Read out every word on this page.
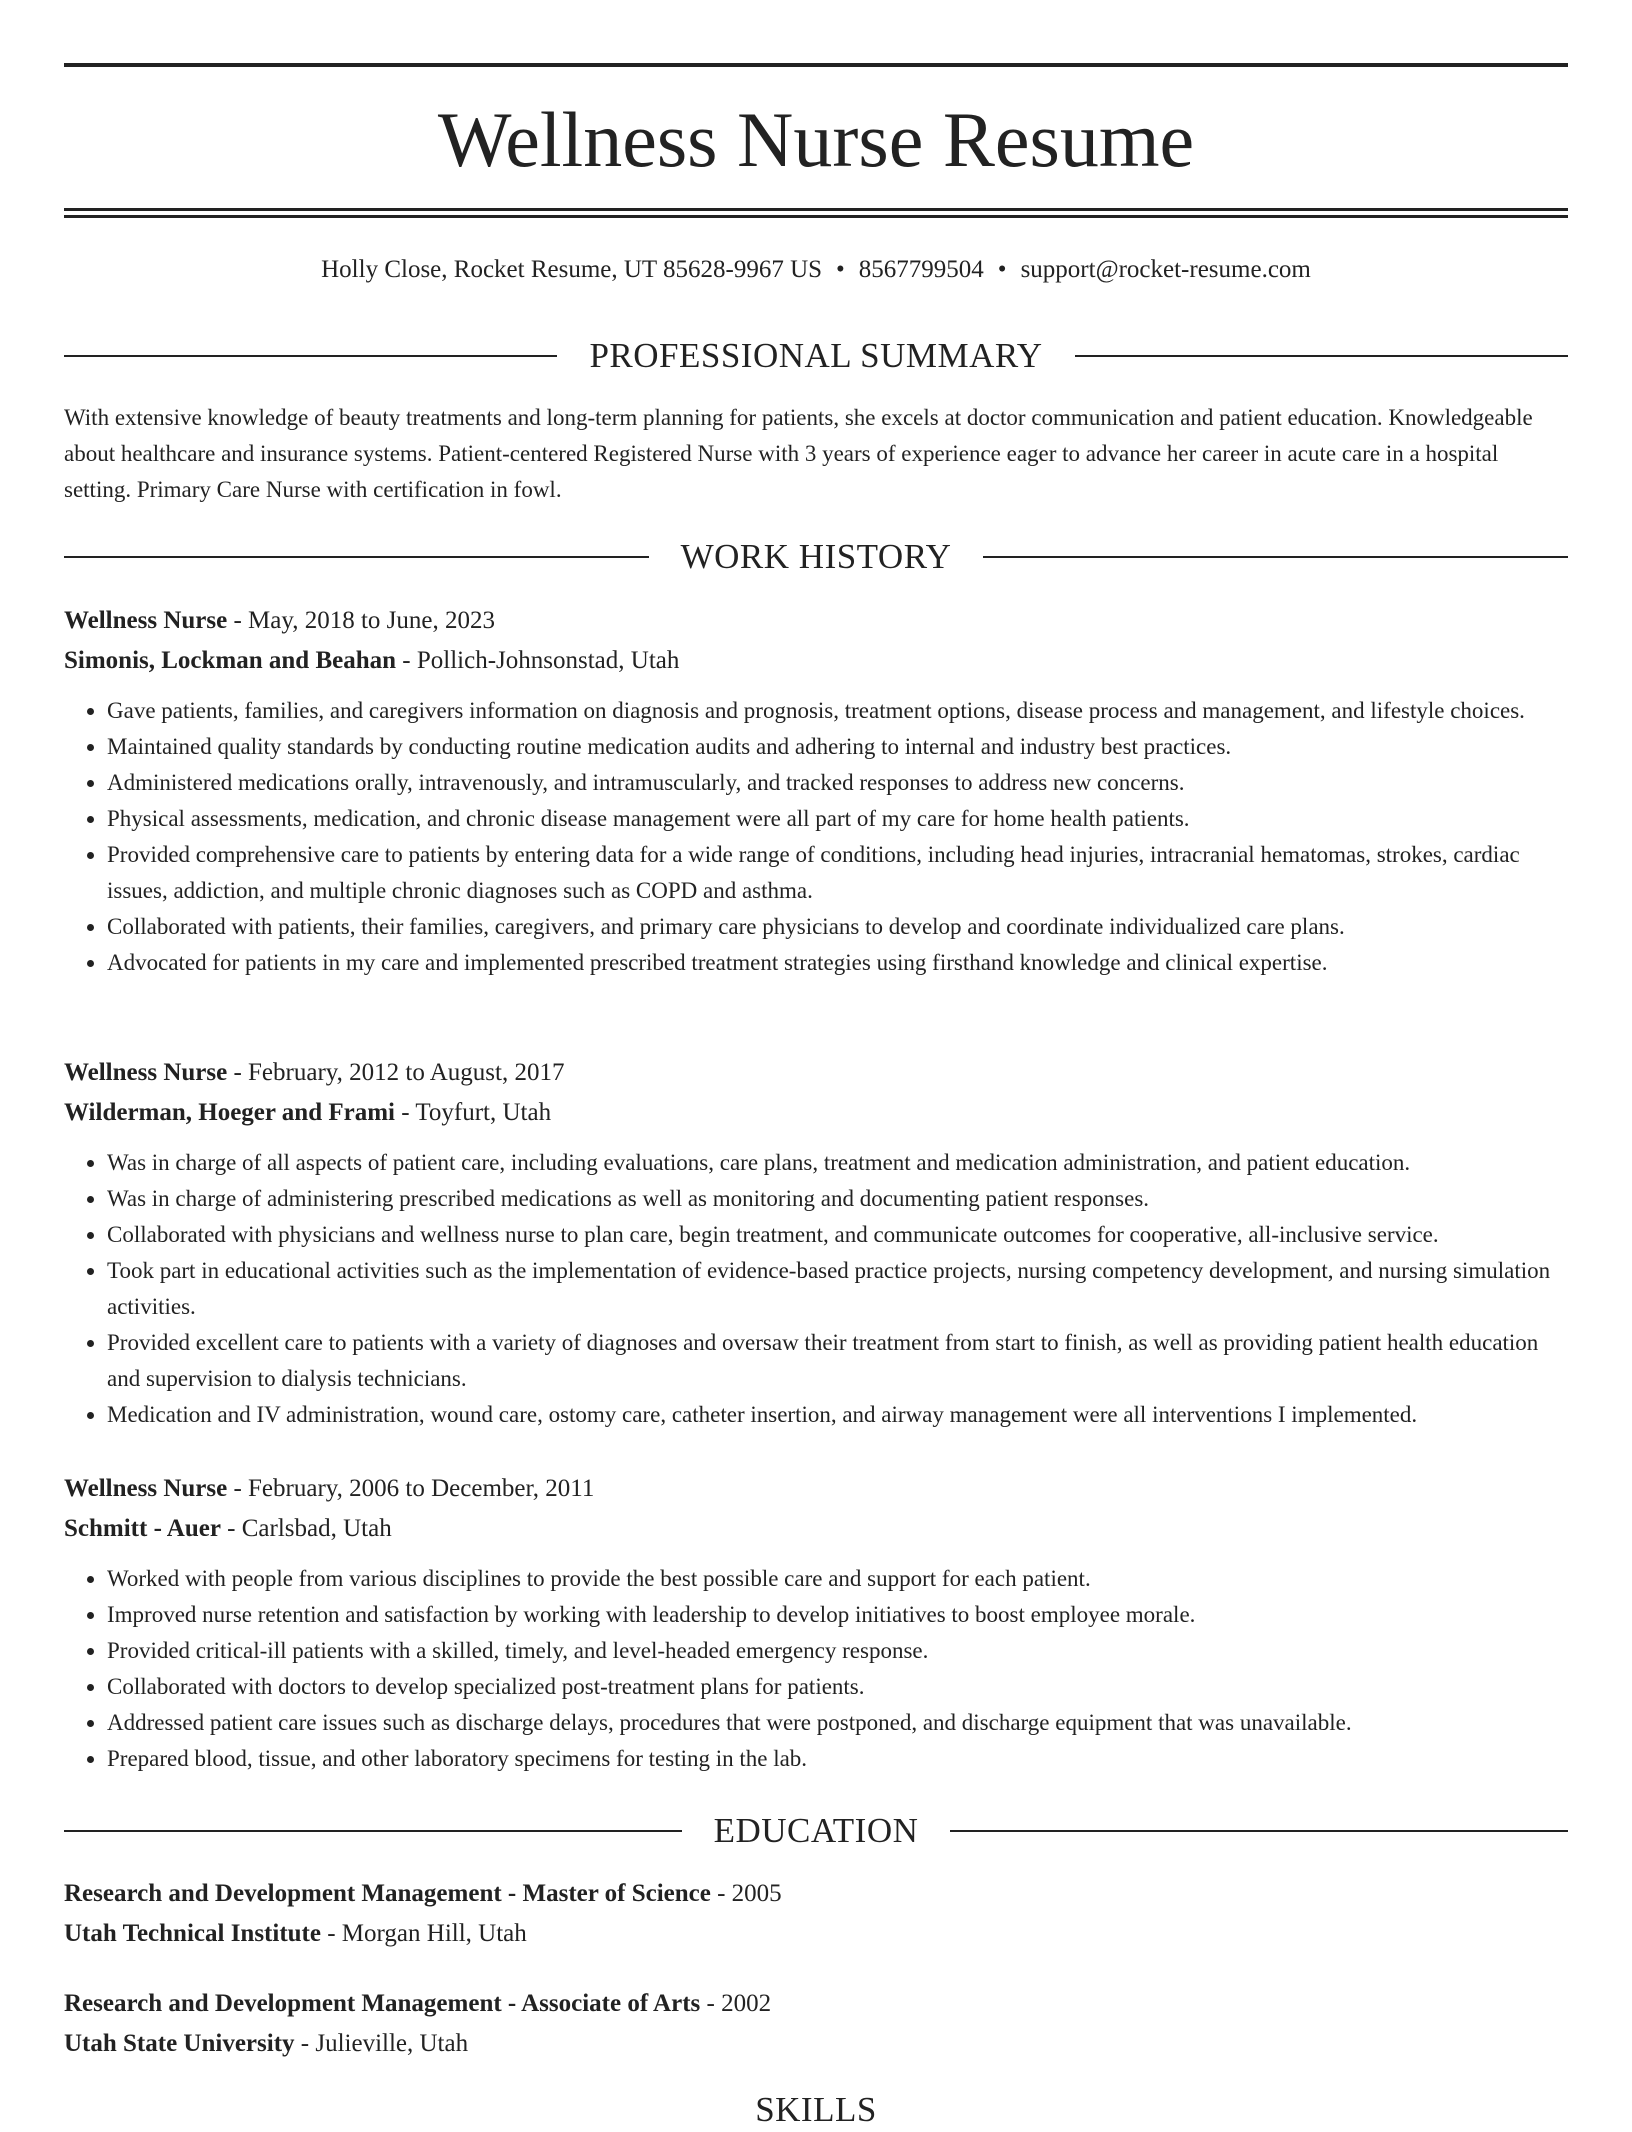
Wellness Nurse Resume
Holly Close, Rocket Resume, UT 85628-9967 US • 8567799504 • support@rocket-resume.com
PROFESSIONAL SUMMARY

With extensive knowledge of beauty treatments and long-term planning for patients, she excels at doctor communication and patient education. Knowledgeable about healthcare and insurance systems. Patient-centered Registered Nurse with 3 years of experience eager to advance her career in acute care in a hospital setting. Primary Care Nurse with certification in fowl.

WORK HISTORY
Wellness Nurse - May, 2018 to June, 2023
Simonis, Lockman and Beahan - Pollich-Johnsonstad, Utah
• Gave patients, families, and caregivers information on diagnosis and prognosis, treatment options, disease process and management, and lifestyle choices.
• Maintained quality standards by conducting routine medication audits and adhering to internal and industry best practices.
• Administered medications orally, intravenously, and intramuscularly, and tracked responses to address new concerns.
• Physical assessments, medication, and chronic disease management were all part of my care for home health patients.
• Provided comprehensive care to patients by entering data for a wide range of conditions, including head injuries, intracranial hematomas, strokes, cardiac issues, addiction, and multiple chronic diagnoses such as COPD and asthma.
• Collaborated with patients, their families, caregivers, and primary care physicians to develop and coordinate individualized care plans.
• Advocated for patients in my care and implemented prescribed treatment strategies using firsthand knowledge and clinical expertise.
Wellness Nurse - February, 2012 to August, 2017
Wilderman, Hoeger and Frami - Toyfurt, Utah
• Was in charge of all aspects of patient care, including evaluations, care plans, treatment and medication administration, and patient education.
• Was in charge of administering prescribed medications as well as monitoring and documenting patient responses.
• Collaborated with physicians and wellness nurse to plan care, begin treatment, and communicate outcomes for cooperative, all-inclusive service.
• Took part in educational activities such as the implementation of evidence-based practice projects, nursing competency development, and nursing simulation activities.
• Provided excellent care to patients with a variety of diagnoses and oversaw their treatment from start to finish, as well as providing patient health education and supervision to dialysis technicians.
• Medication and IV administration, wound care, ostomy care, catheter insertion, and airway management were all interventions I implemented.
Wellness Nurse - February, 2006 to December, 2011
Schmitt - Auer - Carlsbad, Utah
• Worked with people from various disciplines to provide the best possible care and support for each patient.
• Improved nurse retention and satisfaction by working with leadership to develop initiatives to boost employee morale.
• Provided critical-ill patients with a skilled, timely, and level-headed emergency response.
• Collaborated with doctors to develop specialized post-treatment plans for patients.
• Addressed patient care issues such as discharge delays, procedures that were postponed, and discharge equipment that was unavailable.
• Prepared blood, tissue, and other laboratory specimens for testing in the lab.
EDUCATION
Research and Development Management - Master of Science - 2005
Utah Technical Institute - Morgan Hill, Utah
Research and Development Management - Associate of Arts - 2002
Utah State University - Julieville, Utah
SKILLS
